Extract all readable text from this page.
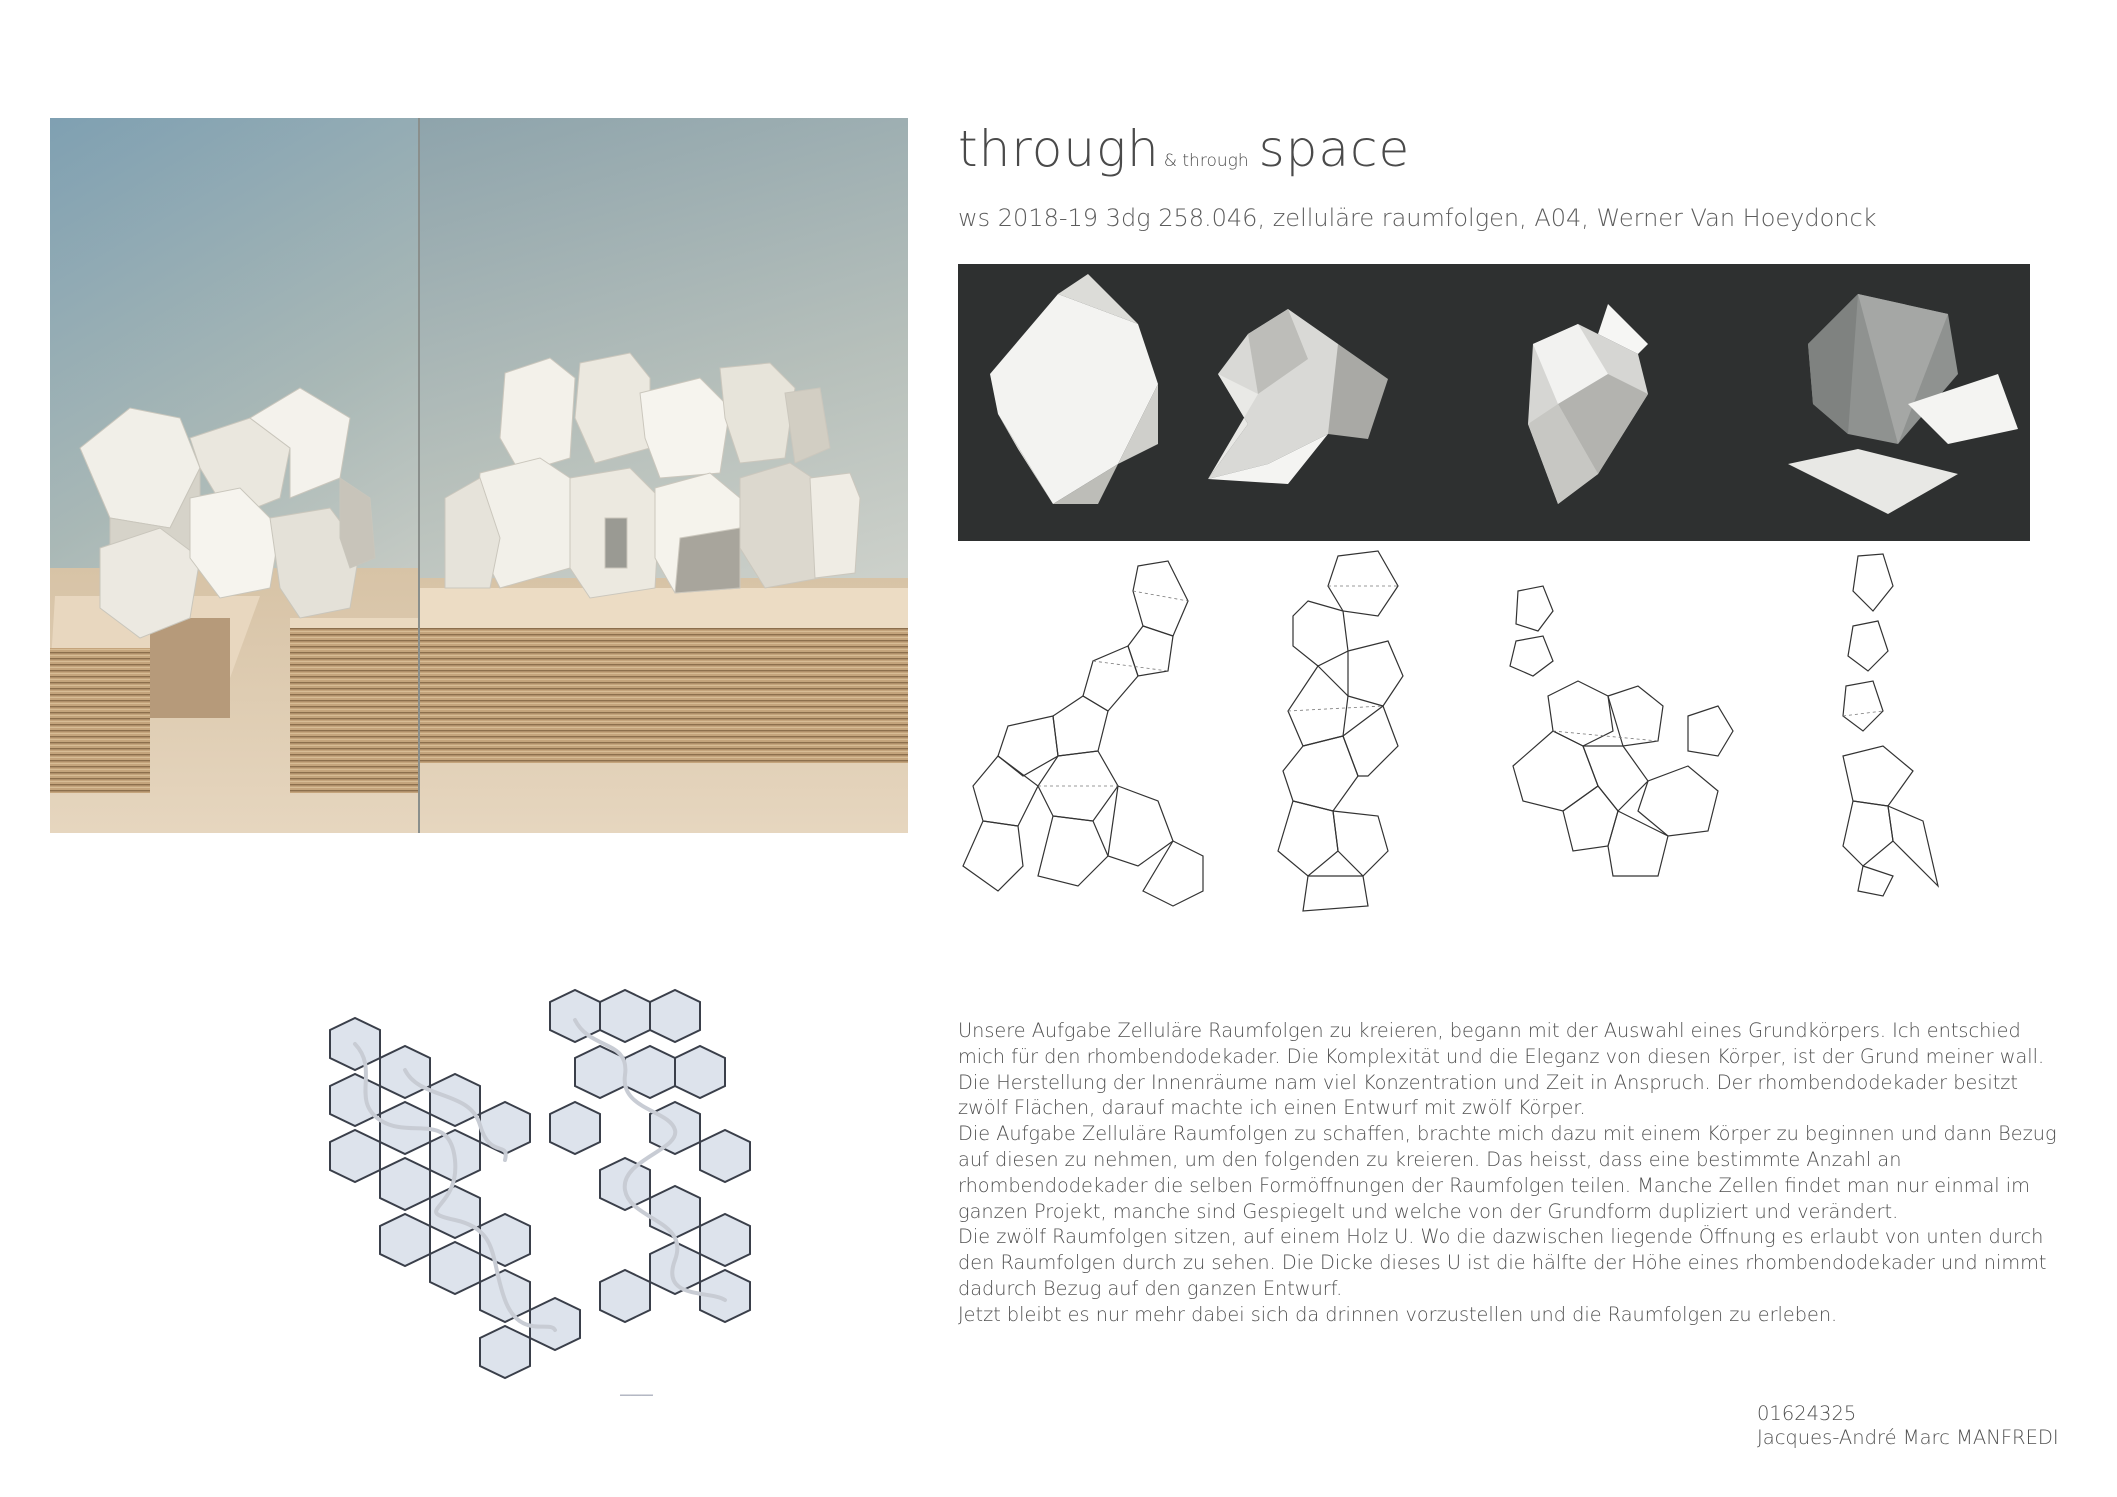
through & through space

ws 2018-19 3dg 258.046, zelluläre raumfolgen, A04, Werner Van Hoeydonck

———

Unsere Aufgabe Zelluläre Raumfolgen zu kreieren, begann mit der Auswahl eines Grundkörpers. Ich entschied mich für den rhombendodekader. Die Komplexität und die Eleganz von diesen Körper, ist der Grund meiner wall. Die Herstellung der Innenräume nam viel Konzentration und Zeit in Anspruch. Der rhombendodekader besitzt zwölf Flächen, darauf machte ich einen Entwurf mit zwölf Körper.

Die Aufgabe Zelluläre Raumfolgen zu schaffen, brachte mich dazu mit einem Körper zu beginnen und dann Bezug auf diesen zu nehmen, um den folgenden zu kreieren. Das heisst, dass eine bestimmte Anzahl an rhombendodekader die selben Formöffnungen der Raumfolgen teilen. Manche Zellen findet man nur einmal im ganzen Projekt, manche sind Gespiegelt und welche von der Grundform dupliziert und verändert.

Die zwölf Raumfolgen sitzen, auf einem Holz U. Wo die dazwischen liegende Öffnung es erlaubt von unten durch den Raumfolgen durch zu sehen. Die Dicke dieses U ist die hälfte der Höhe eines rhombendodekader und nimmt dadurch Bezug auf den ganzen Entwurf.

Jetzt bleibt es nur mehr dabei sich da drinnen vorzustellen und die Raumfolgen zu erleben.

01624325
Jacques-André Marc MANFREDI
